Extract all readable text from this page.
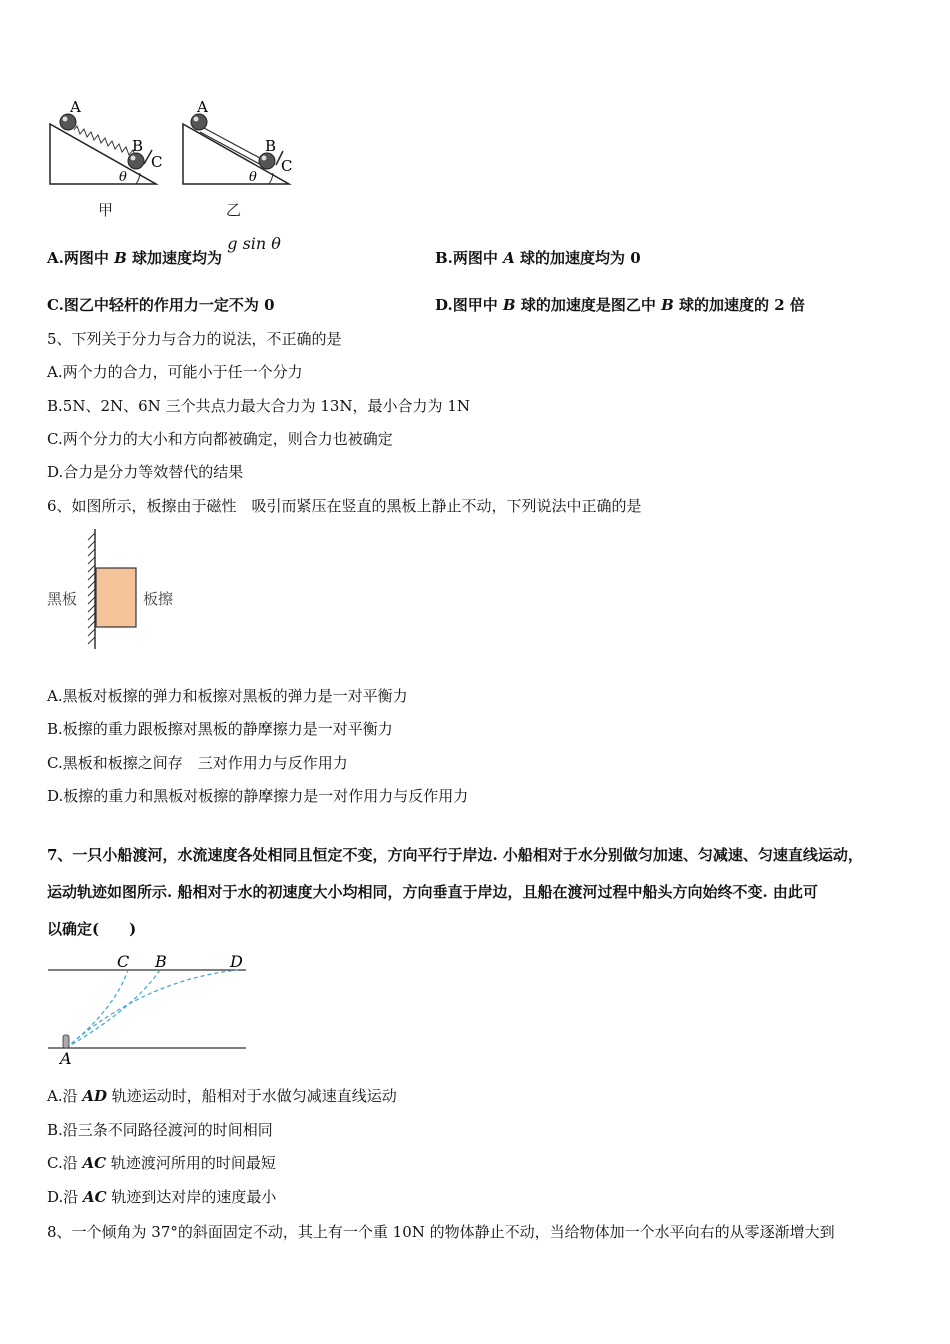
A
B
C
θ
A
B
C
θ
甲	乙
A.两图中 B 球加速度均为 g sin θ
B.两图中 A 球的加速度均为 0
C.图乙中轻杆的作用力一定不为 0	D.图甲中 B 球的加速度是图乙中 B 球的加速度的 2 倍
5、下列关于分力与合力的说法，不正确的是
A.两个力的合力，可能小于任一个分力
B.5N、2N、6N 三个共点力最大合力为 13N，最小合力为 1N
C.两个分力的大小和方向都被确定，则合力也被确定
D.合力是分力等效替代的结果
6、如图所示，板擦由于磁性　吸引而紧压在竖直的黑板上静止不动，下列说法中正确的是
黑板	板擦
A.黑板对板擦的弹力和板擦对黑板的弹力是一对平衡力
B.板擦的重力跟板擦对黑板的静摩擦力是一对平衡力
C.黑板和板擦之间存　三对作用力与反作用力
D.板擦的重力和黑板对板擦的静摩擦力是一对作用力与反作用力
7、一只小船渡河，水流速度各处相同且恒定不变，方向平行于岸边. 小船相对于水分别做匀加速、匀减速、匀速直线运动，
运动轨迹如图所示. 船相对于水的初速度大小均相同，方向垂直于岸边，且船在渡河过程中船头方向始终不变. 由此可
以确定(　　)
C B	D
A
A.沿 AD 轨迹运动时，船相对于水做匀减速直线运动
B.沿三条不同路径渡河的时间相同
C.沿 AC 轨迹渡河所用的时间最短
D.沿 AC 轨迹到达对岸的速度最小
8、一个倾角为 37°的斜面固定不动，其上有一个重 10N 的物体静止不动，当给物体加一个水平向右的从零逐渐增大到
